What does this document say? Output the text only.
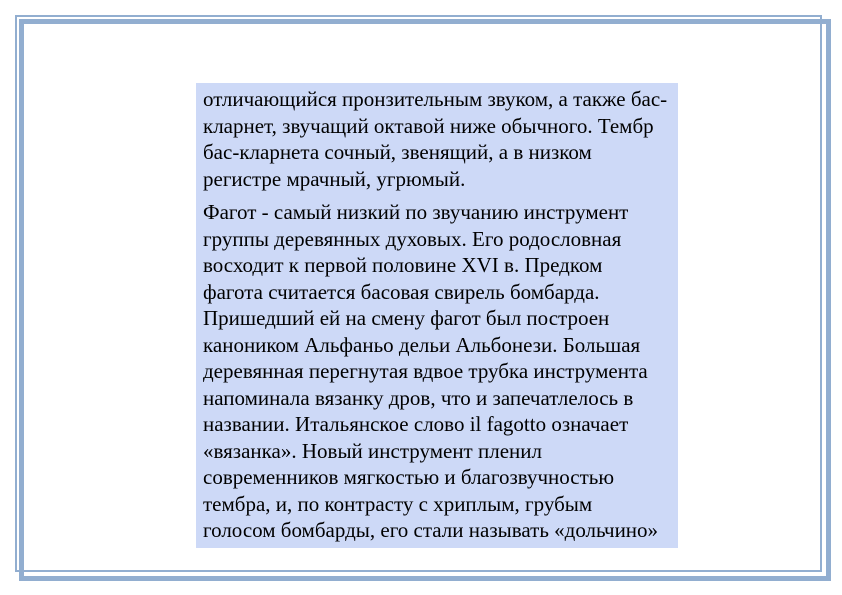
отличающийся пронзительным звуком, а также бас-
кларнет, звучащий октавой ниже обычного. Тембр
бас-кларнета сочный, звенящий, а в низком
регистре мрачный, угрюмый.
Фагот - самый низкий по звучанию инструмент
группы деревянных духовых. Его родословная
восходит к первой половине XVI в. Предком
фагота считается басовая свирель бомбарда.
Пришедший ей на смену фагот был построен
каноником Альфаньо дельи Альбонези. Большая
деревянная перегнутая вдвое трубка инструмента
напоминала вязанку дров, что и запечатлелось в
названии. Итальянское слово il fagotto означает
«вязанка». Новый инструмент пленил
современников мягкостью и благозвучностью
тембра, и, по контрасту с хриплым, грубым
голосом бомбарды, его стали называть «дольчино»
